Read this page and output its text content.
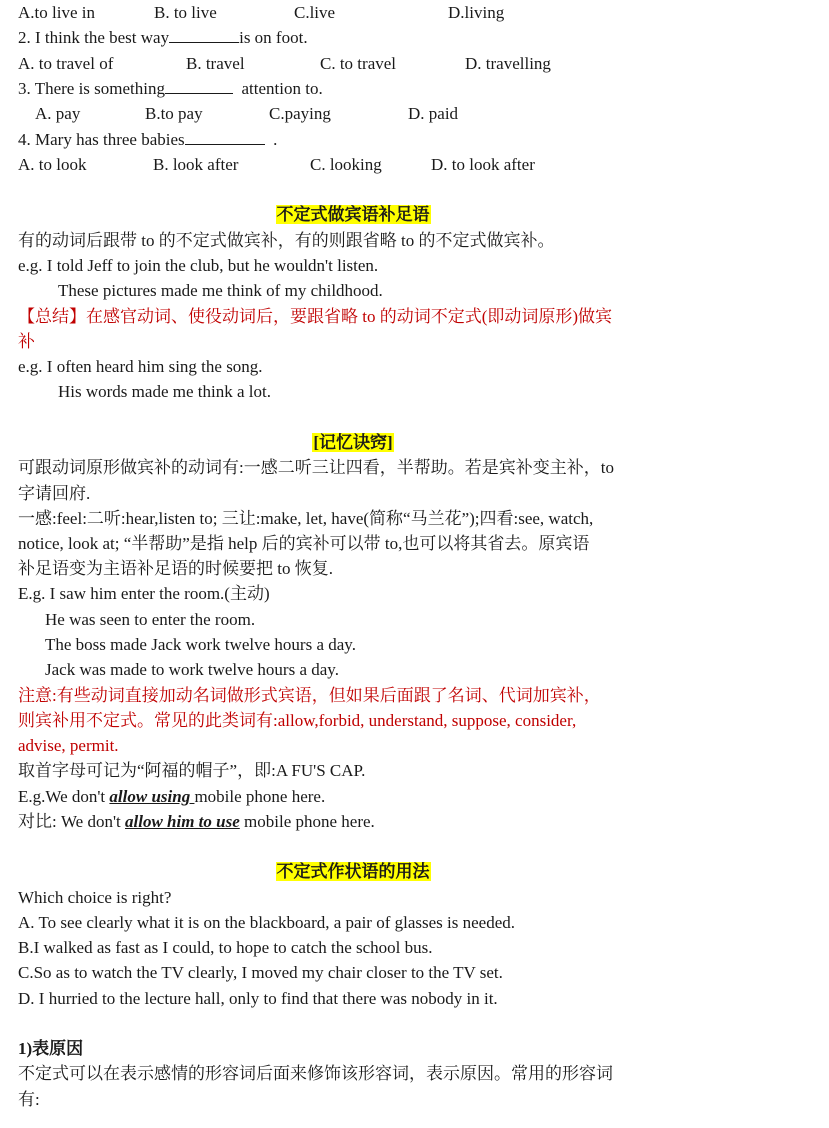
A.to live in	B. to live	C.live	D.living
2. I think the best way	is on foot.
A. to travel of	B. travel	C. to travel	D. travelling
3. There is something	attention to.
A. pay	B.to pay	C.paying	D. paid
4. Mary has three babies	.
A. to look	B. look after	C. looking	D. to look after
不定式做宾语补足语
有的动词后跟带 to 的不定式做宾补，有的则跟省略 to 的不定式做宾补。
e.g. I told Jeff to join the club, but he wouldn't listen.
These pictures made me think of my childhood.
【总结】在感官动词、使役动词后，要跟省略 to 的动词不定式(即动词原形)做宾
补
e.g. I often heard him sing the song.
His words made me think a lot.
[记忆诀窍]
可跟动词原形做宾补的动词有:一感二听三让四看，半帮助。若是宾补变主补，to
字请回府.
一感:feel:二听:hear,listen to; 三让:make, let, have(简称“马兰花”);四看:see, watch,
notice, look at; “半帮助”是指 help 后的宾补可以带 to,也可以将其省去。原宾语
补足语变为主语补足语的时候要把 to 恢复.
E.g. I saw him enter the room.(主动)
He was seen to enter the room.
The boss made Jack work twelve hours a day.
Jack was made to work twelve hours a day.
注意:有些动词直接加动名词做形式宾语，但如果后面跟了名词、代词加宾补，
则宾补用不定式。常见的此类词有:allow,forbid, understand, suppose, consider,
advise, permit.
取首字母可记为“阿福的帽子”，即:A FU'S CAP.
E.g.We don't allow using mobile phone here.
对比: We don't allow him to use mobile phone here.
不定式作状语的用法
Which choice is right?
A. To see clearly what it is on the blackboard, a pair of glasses is needed.
B.I walked as fast as I could, to hope to catch the school bus.
C.So as to watch the TV clearly, I moved my chair closer to the TV set.
D. I hurried to the lecture hall, only to find that there was nobody in it.
1)表原因
不定式可以在表示感情的形容词后面来修饰该形容词，表示原因。常用的形容词
有:
